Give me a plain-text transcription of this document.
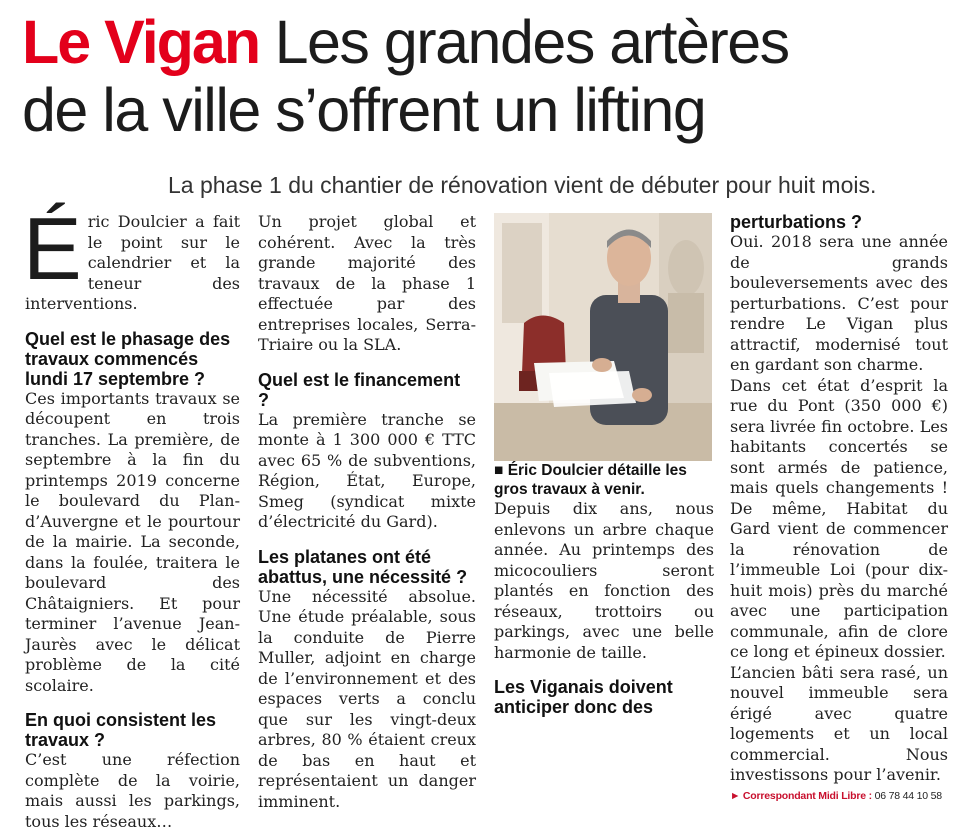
Le Vigan Les grandes artères
de la ville s’offrent un lifting

La phase 1 du chantier de rénovation vient de débuter pour huit mois.

Éric Doulcier a fait le point sur le calendrier et la teneur des interventions.

Quel est le phasage des travaux commencés lundi 17 septembre ?

Ces importants travaux se découpent en trois tranches. La première, de septembre à la fin du printemps 2019 concerne le boulevard du Plan-d’Auvergne et le pourtour de la mairie. La seconde, dans la foulée, traitera le boulevard des Châtaigniers. Et pour terminer l’avenue Jean-Jaurès avec le délicat problème de la cité scolaire.

En quoi consistent les travaux ?

C’est une réfection complète de la voirie, mais aussi les parkings, tous les réseaux…

Un projet global et cohérent. Avec la très grande majorité des travaux de la phase 1 effectuée par des entreprises locales, Serra-Triaire ou la SLA.

Quel est le financement ?

La première tranche se monte à 1 300 000 € TTC avec 65 % de subventions, Région, État, Europe, Smeg (syndicat mixte d’électricité du Gard).

Les platanes ont été abattus, une nécessité ?

Une nécessité absolue. Une étude préalable, sous la conduite de Pierre Muller, adjoint en charge de l’environnement et des espaces verts a conclu que sur les vingt-deux arbres, 80 % étaient creux de bas en haut et représentaient un danger imminent.

■ Éric Doulcier détaille les gros travaux à venir.

Depuis dix ans, nous enlevons un arbre chaque année. Au printemps des micocouliers seront plantés en fonction des réseaux, trottoirs ou parkings, avec une belle harmonie de taille.

Les Viganais doivent anticiper donc des

perturbations ?

Oui. 2018 sera une année de grands bouleversements avec des perturbations. C’est pour rendre Le Vigan plus attractif, modernisé tout en gardant son charme.

Dans cet état d’esprit la rue du Pont (350 000 €) sera livrée fin octobre. Les habitants concertés se sont armés de patience, mais quels changements ! De même, Habitat du Gard vient de commencer la rénovation de l’immeuble Loi (pour dix-huit mois) près du marché avec une participation communale, afin de clore ce long et épineux dossier.

L’ancien bâti sera rasé, un nouvel immeuble sera érigé avec quatre logements et un local commercial. Nous investissons pour l’avenir.

► Correspondant Midi Libre : 06 78 44 10 58
